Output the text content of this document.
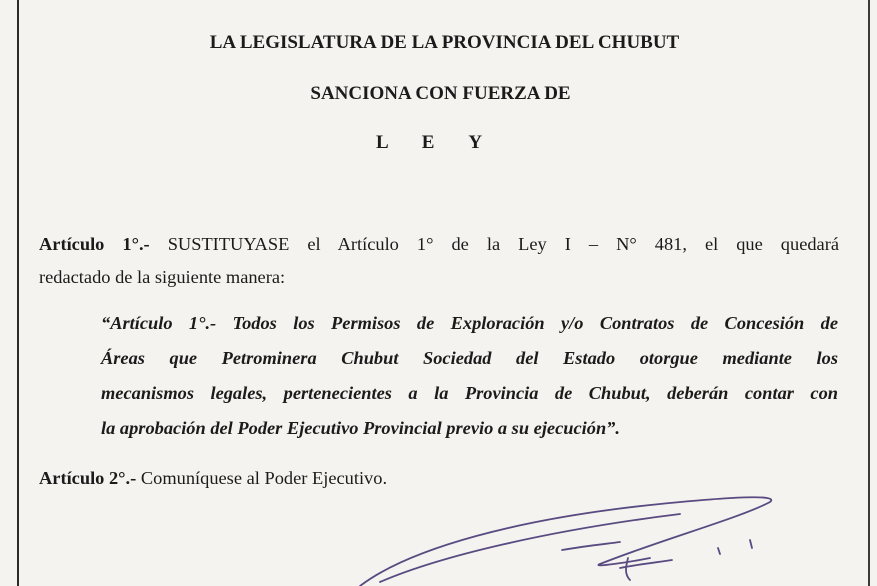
LA LEGISLATURA DE LA PROVINCIA DEL CHUBUT
SANCIONA CON FUERZA DE
L E Y
Artículo 1°.- SUSTITUYASE el Artículo 1° de la Ley I – N° 481, el que quedará
redactado de la siguiente manera:
“Artículo 1°.- Todos los Permisos de Exploración y/o Contratos de Concesión de
Áreas que Petrominera Chubut Sociedad del Estado otorgue mediante los
mecanismos legales, pertenecientes a la Provincia de Chubut, deberán contar con
la aprobación del Poder Ejecutivo Provincial previo a su ejecución”.
Artículo 2°.- Comuníquese al Poder Ejecutivo.
